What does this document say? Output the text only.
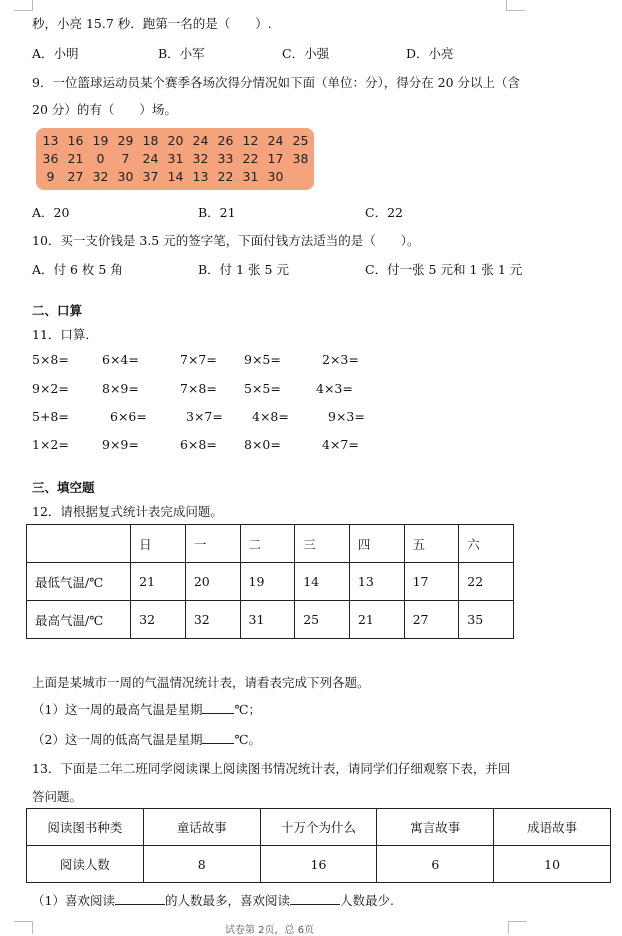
秒，小亮 15.7 秒．跑第一名的是（　　）.
A．小明	B．小军	C．小强	D．小亮
9．一位篮球运动员某个赛季各场次得分情况如下面（单位：分），得分在 20 分以上（含
20 分）的有（　　）场。
13 16 19 29 18 20 24 26 12 24 25
36 21	0	7	24 31 32 33 22 17 38
9	27 32 30 37 14 13 22 31 30
A．20	B．21	C．22
10．买一支价钱是 3.5 元的签字笔，下面付钱方法适当的是（　　）。
A．付 6 枚 5 角	B．付 1 张 5 元	C．付一张 5 元和 1 张 1 元
二、口算
11．口算．
5×8=	6×4=	7×7= 9×5=	2×3=
9×2=	8×9=	7×8= 5×5=	4×3=
5+8=	6×6=	3×7= 4×8=	9×3=
1×2=	9×9=	6×8= 8×0=	4×7=
三、填空题
12．请根据复式统计表完成问题。
	日	一	二	三	四	五	六
最低气温/℃	21	20	19	14	13	17	22
最高气温/℃	32	32	31	25	21	27	35
上面是某城市一周的气温情况统计表，请看表完成下列各题。
（1）这一周的最高气温是星期	℃；
（2）这一周的低高气温是星期	℃。
13．下面是二年二班同学阅读课上阅读图书情况统计表，请同学们仔细观察下表，并回
答问题。
阅读图书种类	童话故事	十万个为什么	寓言故事	成语故事
阅读人数	8	16	6	10
（1）喜欢阅读	的人数最多，喜欢阅读	人数最少.
试卷第 2页，总 6页
